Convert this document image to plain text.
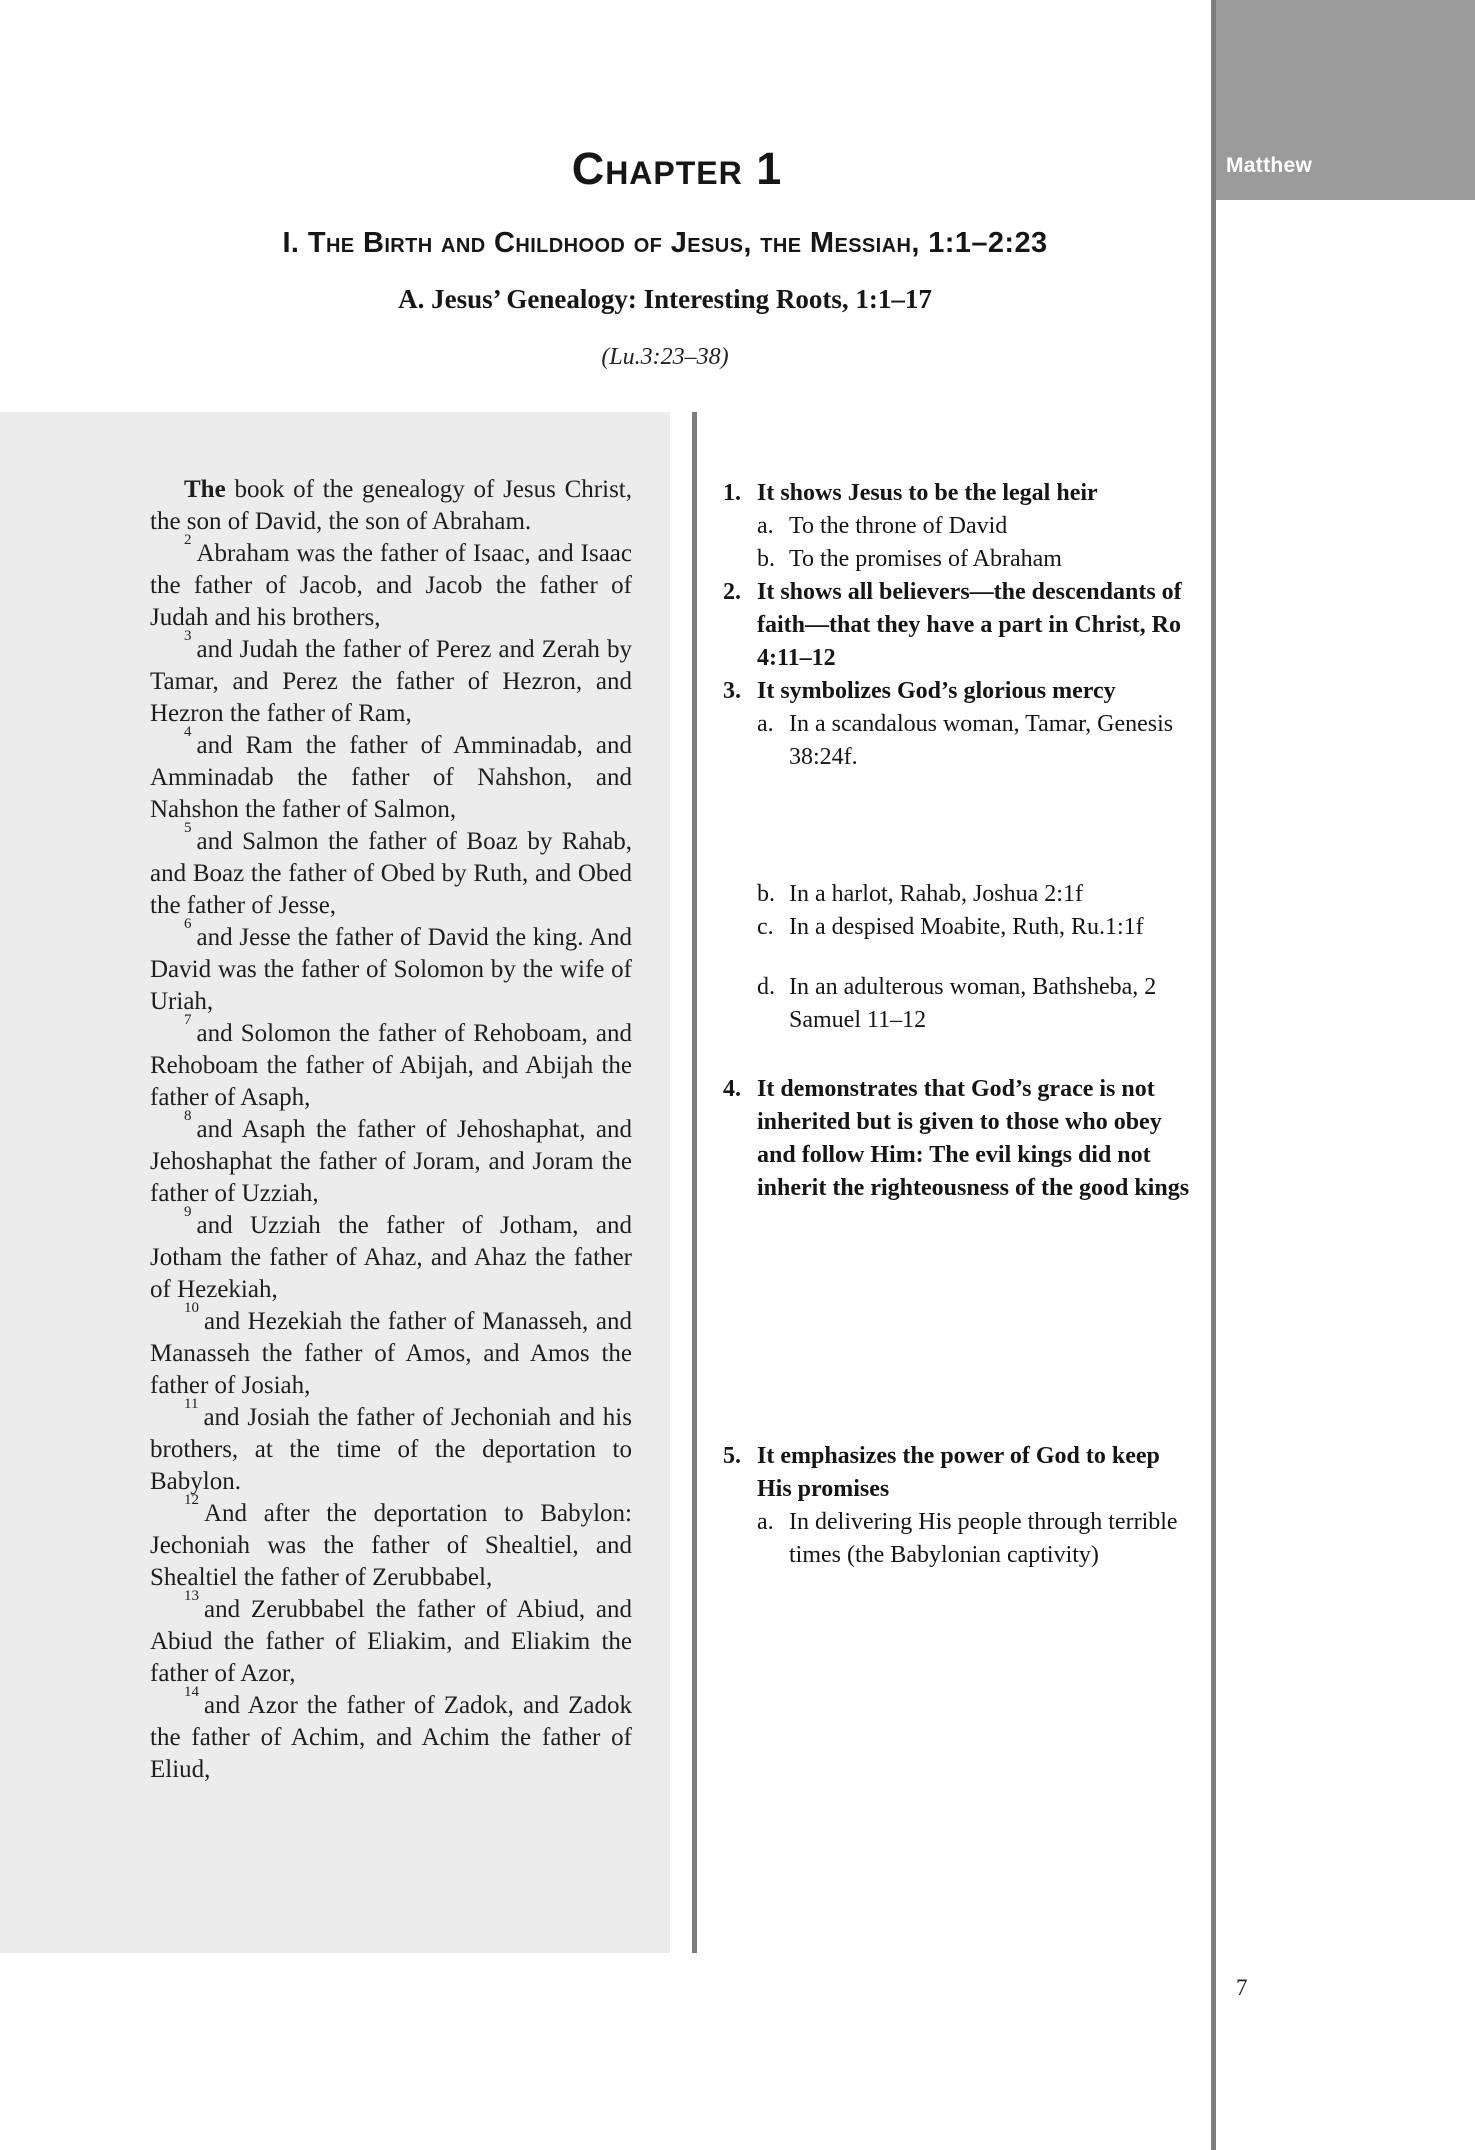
Matthew
Chapter 1
I. The Birth and Childhood of Jesus, the Messiah, 1:1–2:23
A. Jesus’ Genealogy: Interesting Roots, 1:1–17
(Lu.3:23–38)

The book of the genealogy of Jesus Christ, the son of David, the son of Abraham.

$^2$Abraham was the father of Isaac, and Isaac the father of Jacob, and Jacob the father of Judah and his brothers,

$^3$and Judah the father of Perez and Zerah by Tamar, and Perez the father of Hezron, and Hezron the father of Ram,

$^4$and Ram the father of Amminadab, and Amminadab the father of Nahshon, and Nahshon the father of Salmon,

$^5$and Salmon the father of Boaz by Rahab, and Boaz the father of Obed by Ruth, and Obed the father of Jesse,

$^6$and Jesse the father of David the king. And David was the father of Solomon by the wife of Uriah,

$^7$and Solomon the father of Rehoboam, and Rehoboam the father of Abijah, and Abijah the father of Asaph,

$^8$and Asaph the father of Jehoshaphat, and Jehoshaphat the father of Joram, and Joram the father of Uzziah,

$^9$and Uzziah the father of Jotham, and Jotham the father of Ahaz, and Ahaz the father of Hezekiah,

$^{10}$and Hezekiah the father of Manasseh, and Manasseh the father of Amos, and Amos the father of Josiah,

$^{11}$and Josiah the father of Jechoniah and his brothers, at the time of the deportation to Babylon.

$^{12}$And after the deportation to Babylon: Jechoniah was the father of Shealtiel, and Shealtiel the father of Zerubbabel,

$^{13}$and Zerubbabel the father of Abiud, and Abiud the father of Eliakim, and Eliakim the father of Azor,

$^{14}$and Azor the father of Zadok, and Zadok the father of Achim, and Achim the father of Eliud,

1. It shows Jesus to be the legal heir
a. To the throne of David
b. To the promises of Abraham
2. It shows all believers—the descendants of faith—that they have a part in Christ, Ro 4:11–12
3. It symbolizes God’s glorious mercy
a. In a scandalous woman, Tamar, Genesis 38:24f.
b. In a harlot, Rahab, Joshua 2:1f
c. In a despised Moabite, Ruth, Ru.1:1f
d. In an adulterous woman, Bathsheba, 2 Samuel 11–12
4. It demonstrates that God’s grace is not inherited but is given to those who obey and follow Him: The evil kings did not inherit the righteousness of the good kings
5. It emphasizes the power of God to keep His promises
a. In delivering His people through terrible times (the Babylonian captivity)
7
